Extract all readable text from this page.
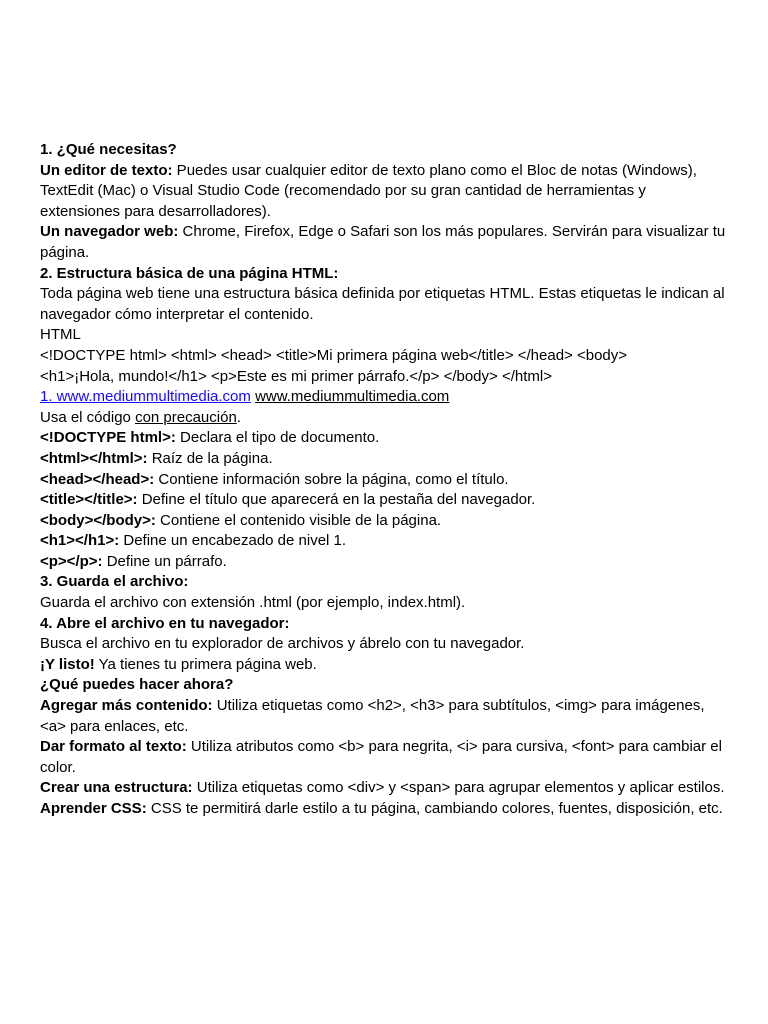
1. ¿Qué necesitas?
Un editor de texto: Puedes usar cualquier editor de texto plano como el Bloc de notas (Windows), TextEdit (Mac) o Visual Studio Code (recomendado por su gran cantidad de herramientas y extensiones para desarrolladores).
Un navegador web: Chrome, Firefox, Edge o Safari son los más populares. Servirán para visualizar tu página.
2. Estructura básica de una página HTML:
Toda página web tiene una estructura básica definida por etiquetas HTML. Estas etiquetas le indican al navegador cómo interpretar el contenido.
HTML
<!DOCTYPE html> <html> <head> <title>Mi primera página web</title> </head> <body>
<h1>¡Hola, mundo!</h1> <p>Este es mi primer párrafo.</p> </body> </html>
1. www.mediummultimedia.com www.mediummultimedia.com
Usa el código con precaución.
<!DOCTYPE html>: Declara el tipo de documento.
<html></html>: Raíz de la página.
<head></head>: Contiene información sobre la página, como el título.
<title></title>: Define el título que aparecerá en la pestaña del navegador.
<body></body>: Contiene el contenido visible de la página.
<h1></h1>: Define un encabezado de nivel 1.
<p></p>: Define un párrafo.
3. Guarda el archivo:
Guarda el archivo con extensión .html (por ejemplo, index.html).
4. Abre el archivo en tu navegador:
Busca el archivo en tu explorador de archivos y ábrelo con tu navegador.
¡Y listo! Ya tienes tu primera página web.
¿Qué puedes hacer ahora?
Agregar más contenido: Utiliza etiquetas como <h2>, <h3> para subtítulos, <img> para imágenes, <a> para enlaces, etc.
Dar formato al texto: Utiliza atributos como <b> para negrita, <i> para cursiva, <font> para cambiar el color.
Crear una estructura: Utiliza etiquetas como <div> y <span> para agrupar elementos y aplicar estilos.
Aprender CSS: CSS te permitirá darle estilo a tu página, cambiando colores, fuentes, disposición, etc.
